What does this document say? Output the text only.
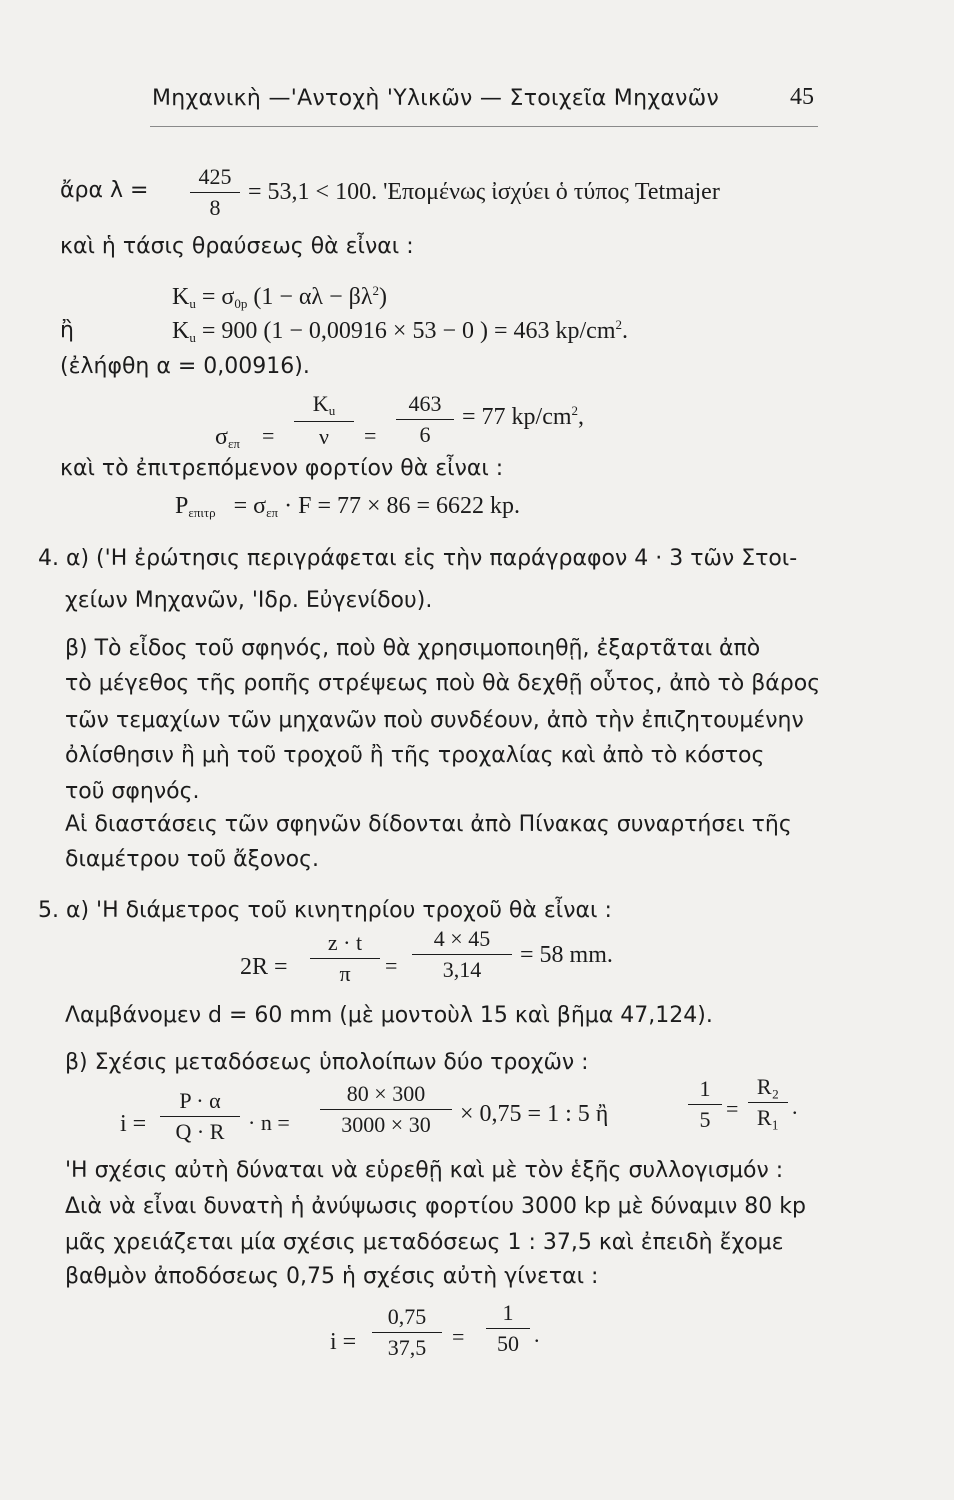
Μηχανικὴ —'Αντοχὴ 'Υλικῶν — Στοιχεῖα Μηχανῶν	45
ἄρα λ =
425
8
= 53,1 < 100. 'Επομένως ἰσχύει ὁ τύπος Tetmajer
καὶ ἡ τάσις θραύσεως θὰ εἶναι :
$K_u = \sigma_{0p}$ $(1 - \alpha\lambda - \beta\lambda^2)$
ἢ	$K_u = 900$ (1 − 0,00916 × 53 − 0 ) = 463 $kp/cm^2$.
(ἐλήφθη α = 0,00916).
$\sigma_{\varepsilon\pi}$ =
$K_u$
ν	=
463
6
= 77 $kp/cm^2$,
καὶ τὸ ἐπιτρεπόμενον φορτίον θὰ εἶναι :
$P_{\varepsilon\pi\iota\tau\rho} = \sigma_{\varepsilon\pi} \cdot F = 77 \times 86 = 6622$ kp.
4. α) ('Η ἐρώτησις περιγράφεται εἰς τὴν παράγραφον 4 · 3 τῶν Στοι-
χείων Μηχανῶν, 'Ιδρ. Εὐγενίδου).
β) Τὸ εἶδος τοῦ σφηνός, ποὺ θὰ χρησιμοποιηθῇ, ἐξαρτᾶται ἀπὸ
τὸ μέγεθος τῆς ροπῆς στρέψεως ποὺ θὰ δεχθῇ οὗτος, ἀπὸ τὸ βάρος
τῶν τεμαχίων τῶν μηχανῶν ποὺ συνδέουν, ἀπὸ τὴν ἐπιζητουμένην
ὀλίσθησιν ἢ μὴ τοῦ τροχοῦ ἢ τῆς τροχαλίας καὶ ἀπὸ τὸ κόστος
τοῦ σφηνός.
Αἱ διαστάσεις τῶν σφηνῶν δίδονται ἀπὸ Πίνακας συναρτήσει τῆς
διαμέτρου τοῦ ἄξονος.
5. α) 'Η διάμετρος τοῦ κινητηρίου τροχοῦ θὰ εἶναι :
2R =
z · t
π	=
4 × 45
3,14
= 58 mm.
Λαμβάνομεν d = 60 mm (μὲ μοντοὺλ 15 καὶ βῆμα 47,124).
β) Σχέσις μεταδόσεως ὑπολοίπων δύο τροχῶν :
i =
P · α
Q · R	· n =
80 × 300
3000 × 30	× 0,75 = 1 : 5 ἢ
1
5 =
R₂
R₁ .
'Η σχέσις αὐτὴ δύναται νὰ εὑρεθῇ καὶ μὲ τὸν ἑξῆς συλλογισμόν :
Διὰ νὰ εἶναι δυνατὴ ἡ ἀνύψωσις φορτίου 3000 kp μὲ δύναμιν 80 kp
μᾶς χρειάζεται μία σχέσις μεταδόσεως 1 : 37,5 καὶ ἐπειδὴ ἔχομε
βαθμὸν ἀποδόσεως 0,75 ἡ σχέσις αὐτὴ γίνεται :
i =
0,75
37,5	=
1
50 .
